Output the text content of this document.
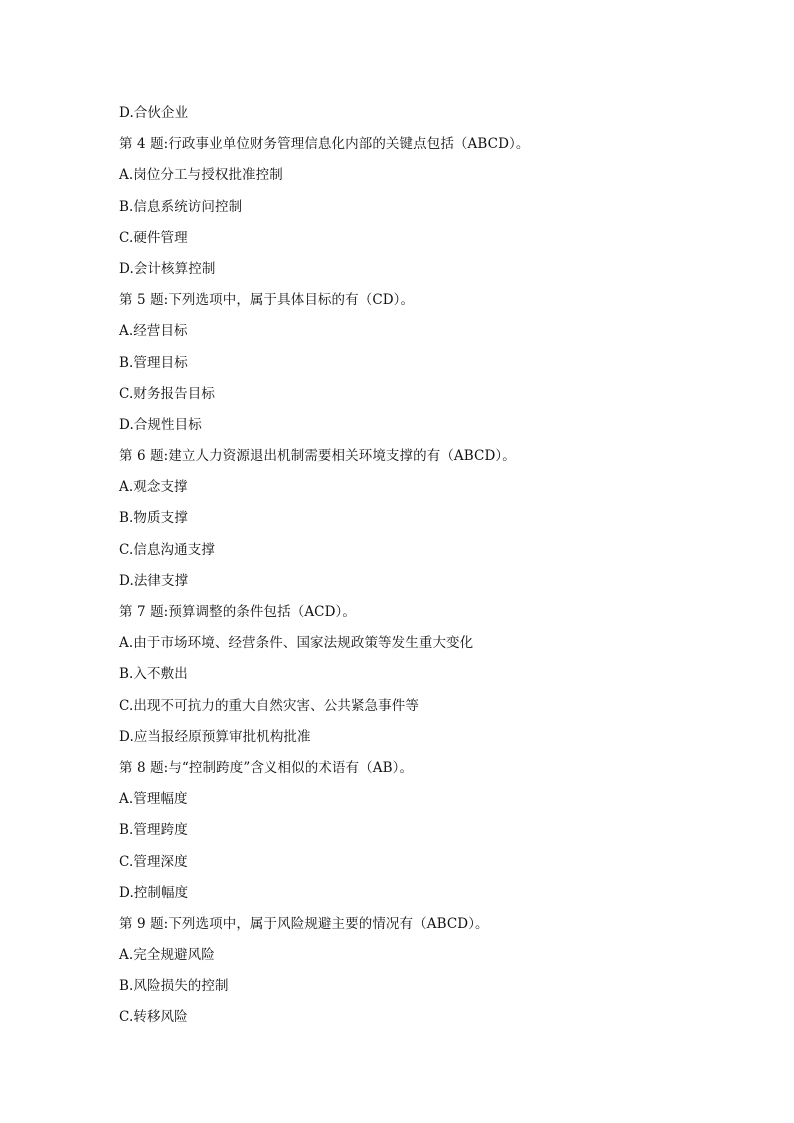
D.合伙企业
第 4 题:行政事业单位财务管理信息化内部的关键点包括（ABCD）。
A.岗位分工与授权批准控制
B.信息系统访问控制
C.硬件管理
D.会计核算控制
第 5 题:下列选项中，属于具体目标的有（CD）。
A.经营目标
B.管理目标
C.财务报告目标
D.合规性目标
第 6 题:建立人力资源退出机制需要相关环境支撑的有（ABCD）。
A.观念支撑
B.物质支撑
C.信息沟通支撑
D.法律支撑
第 7 题:预算调整的条件包括（ACD）。
A.由于市场环境、经营条件、国家法规政策等发生重大变化
B.入不敷出
C.出现不可抗力的重大自然灾害、公共紧急事件等
D.应当报经原预算审批机构批准
第 8 题:与“控制跨度”含义相似的术语有（AB）。
A.管理幅度
B.管理跨度
C.管理深度
D.控制幅度
第 9 题:下列选项中，属于风险规避主要的情况有（ABCD）。
A.完全规避风险
B.风险损失的控制
C.转移风险
